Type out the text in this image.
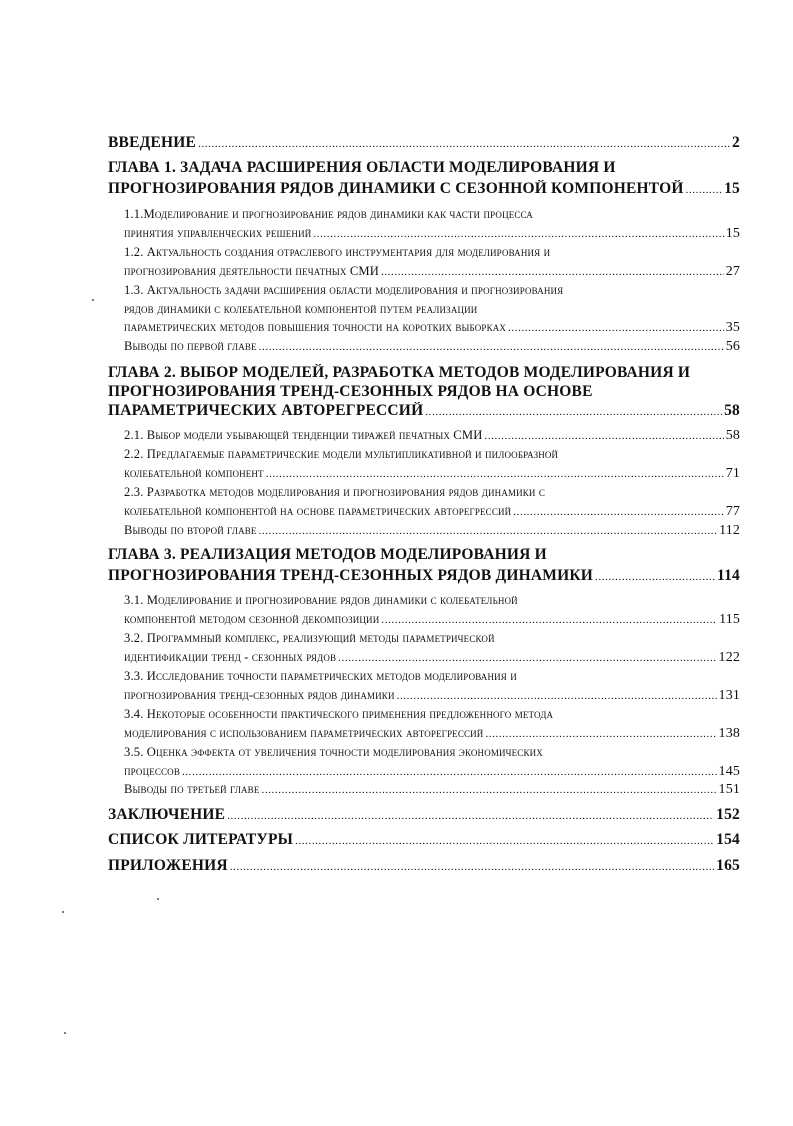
ВВЕДЕНИЕ .....	2
ГЛАВА 1. ЗАДАЧА РАСШИРЕНИЯ ОБЛАСТИ МОДЕЛИРОВАНИЯ И
ПРОГНОЗИРОВАНИЯ РЯДОВ ДИНАМИКИ С СЕЗОННОЙ КОМПОНЕНТОЙ .....	15
1.1.Моделирование и прогнозирование рядов динамики как части процесса
принятия управленческих решений .....	15
1.2. Актуальность создания отраслевого инструментария для моделирования и
прогнозирования деятельности печатных СМИ .....	27
1.3. Актуальность задачи расширения области моделирования и прогнозирования
рядов динамики с колебательной компонентой путем реализации
параметрических методов повышения точности на коротких выборках .....	35
Выводы по первой главе .....	56
ГЛАВА 2. ВЫБОР МОДЕЛЕЙ, РАЗРАБОТКА МЕТОДОВ МОДЕЛИРОВАНИЯ И
ПРОГНОЗИРОВАНИЯ ТРЕНД-СЕЗОННЫХ РЯДОВ НА ОСНОВЕ
ПАРАМЕТРИЧЕСКИХ АВТОРЕГРЕССИЙ .....	58
2.1. Выбор модели убывающей тенденции тиражей печатных СМИ .....	58
2.2. Предлагаемые параметрические модели мультипликативной и пилообразной
колебательной компонент .....	71
2.3. Разработка методов моделирования и прогнозирования рядов динамики с
колебательной компонентой на основе параметрических авторегрессий .....	77
Выводы по второй главе .....	112
ГЛАВА 3. РЕАЛИЗАЦИЯ МЕТОДОВ МОДЕЛИРОВАНИЯ И
ПРОГНОЗИРОВАНИЯ ТРЕНД-СЕЗОННЫХ РЯДОВ ДИНАМИКИ .....	114
3.1. Моделирование и прогнозирование рядов динамики с колебательной
компонентой методом сезонной декомпозиции .....	115
3.2. Программный комплекс, реализующий методы параметрической
идентификации тренд - сезонных рядов .....	122
3.3. Исследование точности параметрических методов моделирования и
прогнозирования тренд-сезонных рядов динамики .....	131
3.4. Некоторые особенности практического применения предложенного метода
моделирования с использованием параметрических авторегрессий .....	138
3.5. Оценка эффекта от увеличения точности моделирования экономических
процессов .....	145
Выводы по третьей главе .....	151
ЗАКЛЮЧЕНИЕ .....	152
СПИСОК ЛИТЕРАТУРЫ .....	154
ПРИЛОЖЕНИЯ .....	165
